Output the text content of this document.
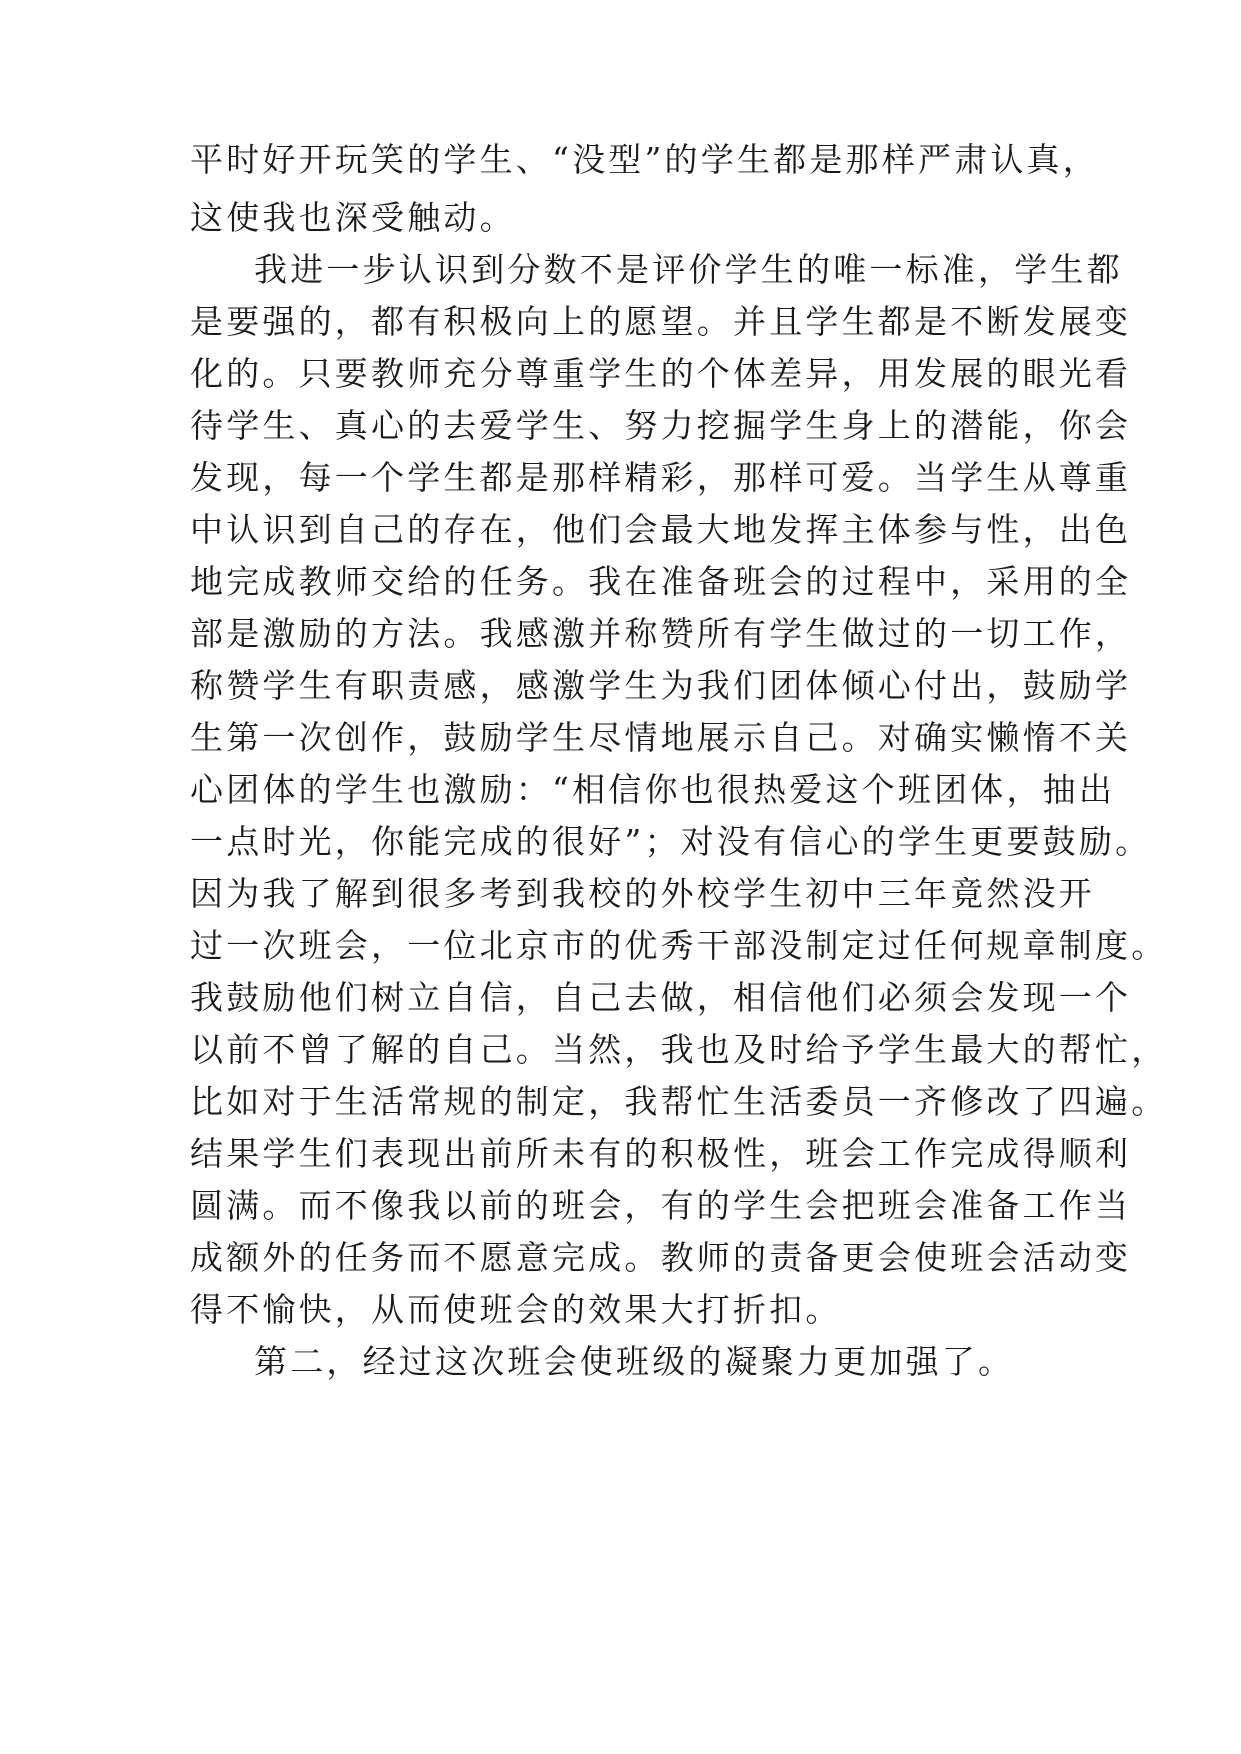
平时好开玩笑的学生、“没型”的学生都是那样严肃认真，
这使我也深受触动。
我进一步认识到分数不是评价学生的唯一标准，学生都
是要强的，都有积极向上的愿望。并且学生都是不断发展变
化的。只要教师充分尊重学生的个体差异，用发展的眼光看
待学生、真心的去爱学生、努力挖掘学生身上的潜能，你会
发现，每一个学生都是那样精彩，那样可爱。当学生从尊重
中认识到自己的存在，他们会最大地发挥主体参与性，出色
地完成教师交给的任务。我在准备班会的过程中，采用的全
部是激励的方法。我感激并称赞所有学生做过的一切工作，
称赞学生有职责感，感激学生为我们团体倾心付出，鼓励学
生第一次创作，鼓励学生尽情地展示自己。对确实懒惰不关
心团体的学生也激励：“相信你也很热爱这个班团体，抽出
一点时光，你能完成的很好”；对没有信心的学生更要鼓励。
因为我了解到很多考到我校的外校学生初中三年竟然没开
过一次班会，一位北京市的优秀干部没制定过任何规章制度。
我鼓励他们树立自信，自己去做，相信他们必须会发现一个
以前不曾了解的自己。当然，我也及时给予学生最大的帮忙，
比如对于生活常规的制定，我帮忙生活委员一齐修改了四遍。
结果学生们表现出前所未有的积极性，班会工作完成得顺利
圆满。而不像我以前的班会，有的学生会把班会准备工作当
成额外的任务而不愿意完成。教师的责备更会使班会活动变
得不愉快，从而使班会的效果大打折扣。
第二，经过这次班会使班级的凝聚力更加强了。
